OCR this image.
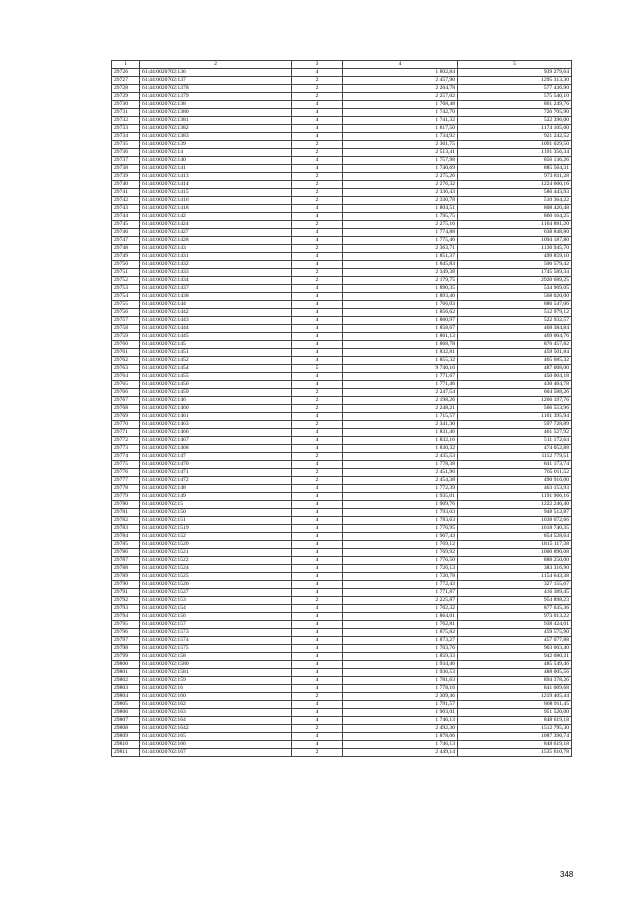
1	2	3	4	5
29726	61:44:0020702:136	4	1 802,84	939 279,64
29727	61:44:0020702:137	2	2 457,90	1295 313,30
29728	61:44:0020702:1378	2	2 264,78	577 436,90
29729	61:44:0020702:1379	2	2 257,02	575 540,10
29730	61:44:0020702:138	4	1 768,48	861 249,76
29731	61:44:0020702:1380	4	1 742,70	726 705,90
29732	61:44:0020702:1381	4	1 741,32	522 396,00
29733	61:44:0020702:1382	4	1 817,50	1174 105,00
29734	61:44:0020702:1383	4	1 734,92	921 242,52
29735	61:44:0020702:139	2	2 301,75	1091 029,50
29736	61:44:0020702:14	2	2 513,41	1191 356,34
29737	61:44:0020702:140	4	1 757,98	856 136,26
29738	61:44:0020702:141	4	1 740,69	885 564,31
29739	61:44:0020702:1413	2	2 275,26	973 811,28
29740	61:44:0020702:1414	2	2 276,32	1224 660,16
29741	61:44:0020702:1415	2	2 336,43	586 443,93
29742	61:44:0020702:1416	2	2 330,78	510 364,22
29743	61:44:0020702:1418	4	1 804,51	808 420,48
29744	61:44:0020702:142	4	1 795,75	860 164,25
29745	61:44:0020702:1424	2	2 275,16	1164 881,20
29746	61:44:0020702:1427	4	1 774,88	638 848,80
29747	61:44:0020702:1428	4	1 775,46	1094 187,80
29748	61:44:0020702:143	2	2 363,71	1130 945,70
29749	61:44:0020702:1431	4	1 851,37	499 859,10
29750	61:44:0020702:1432	4	1 845,83	506 579,42
29751	61:44:0020702:1433	2	2 349,38	1745 589,34
29752	61:44:0020702:1434	2	2 179,75	2920 689,25
29753	61:44:0020702:1437	4	1 890,35	534 969,05
29754	61:44:0020702:1438	4	1 893,40	568 020,00
29755	61:44:0020702:144	4	1 766,03	886 547,06
29756	61:44:0020702:1442	4	1 856,62	512 979,12
29757	61:44:0020702:1443	4	1 860,97	522 932,57
29758	61:44:0020702:1444	4	1 858,67	468 384,84
29759	61:44:0020702:1445	4	1 861,13	469 004,76
29760	61:44:0020702:145	4	1 868,78	876 457,82
29761	61:44:0020702:1451	4	1 832,81	459 501,84
29762	61:44:0020702:1452	4	1 855,32	465 685,32
29763	61:44:0020702:1454	5	9 740,16	487 008,00
29764	61:44:0020702:1455	4	1 771,67	450 004,18
29765	61:44:0020702:1456	4	1 771,46	430 464,78
29766	61:44:0020702:1459	2	2 247,54	604 588,26
29767	61:44:0020702:146	2	2 198,26	1266 197,76
29768	61:44:0020702:1460	2	2 248,21	566 553,96
29769	61:44:0020702:1461	4	1 715,57	1101 395,94
29770	61:44:0020702:1463	2	2 341,30	597 728,89
29771	61:44:0020702:1466	4	1 831,46	461 527,92
29772	61:44:0020702:1467	4	1 832,16	511 172,64
29773	61:44:0020702:1468	4	1 830,32	474 052,88
29774	61:44:0020702:147	2	2 435,53	1112 779,51
29775	61:44:0020702:1470	4	1 778,38	841 173,74
29776	61:44:0020702:1471	2	2 451,96	765 011,52
29777	61:44:0020702:1472	2	2 454,38	490 916,00
29778	61:44:0020702:148	4	1 772,39	463 153,93
29779	61:44:0020702:149	4	1 935,01	1191 966,16
29780	61:44:0020702:15	4	1 909,76	1222 246,40
29781	61:44:0020702:150	4	1 793,03	948 512,87
29782	61:44:0020702:151	4	1 783,63	1038 072,66
29783	61:44:0020702:1519	4	1 776,95	1618 740,35
29784	61:44:0020702:152	4	1 907,43	854 528,64
29785	61:44:0020702:1520	4	1 769,12	1815 117,38
29786	61:44:0020702:1521	4	1 769,92	1000 890,08
29787	61:44:0020702:1522	4	1 776,50	888 250,00
29788	61:44:0020702:1524	4	1 726,13	383 316,90
29789	61:44:0020702:1525	4	1 720,78	1154 643,38
29790	61:44:0020702:1526	4	1 772,43	327 155,67
29791	61:44:0020702:1527	4	1 771,87	416 389,45
29792	61:44:0020702:153	2	2 225,87	954 898,23
29793	61:44:0020702:154	4	1 762,32	877 635,36
29794	61:44:0020702:156	4	1 864,01	973 013,22
29795	61:44:0020702:157	4	1 762,81	938 424,01
29796	61:44:0020702:1573	4	1 875,82	459 575,90
29797	61:44:0020702:1574	4	1 873,27	457 077,88
29798	61:44:0020702:1575	4	1 703,76	903 003,40
29799	61:44:0020702:158	4	1 859,33	942 680,31
29800	61:44:0020702:1580	4	1 934,46	485 549,46
29801	61:44:0020702:1581	4	1 936,53	488 005,56
29802	61:44:0020702:159	4	1 781,63	894 378,26
29803	61:44:0020702:16	4	1 778,16	841 069,68
29804	61:44:0020702:160	2	2 309,46	1219 405,44
29805	61:44:0020702:162	4	1 791,57	868 911,45
29806	61:44:0020702:163	4	1 903,01	951 520,00
29807	61:44:0020702:164	4	1 746,13	848 619,18
29808	61:44:0020702:1642	2	2 492,30	1512 795,30
29809	61:44:0020702:165	4	1 878,06	1087 396,74
29810	61:44:0020702:166	4	1 746,13	848 619,18
29811	61:44:0020702:167	2	2 449,14	1535 610,78
348
